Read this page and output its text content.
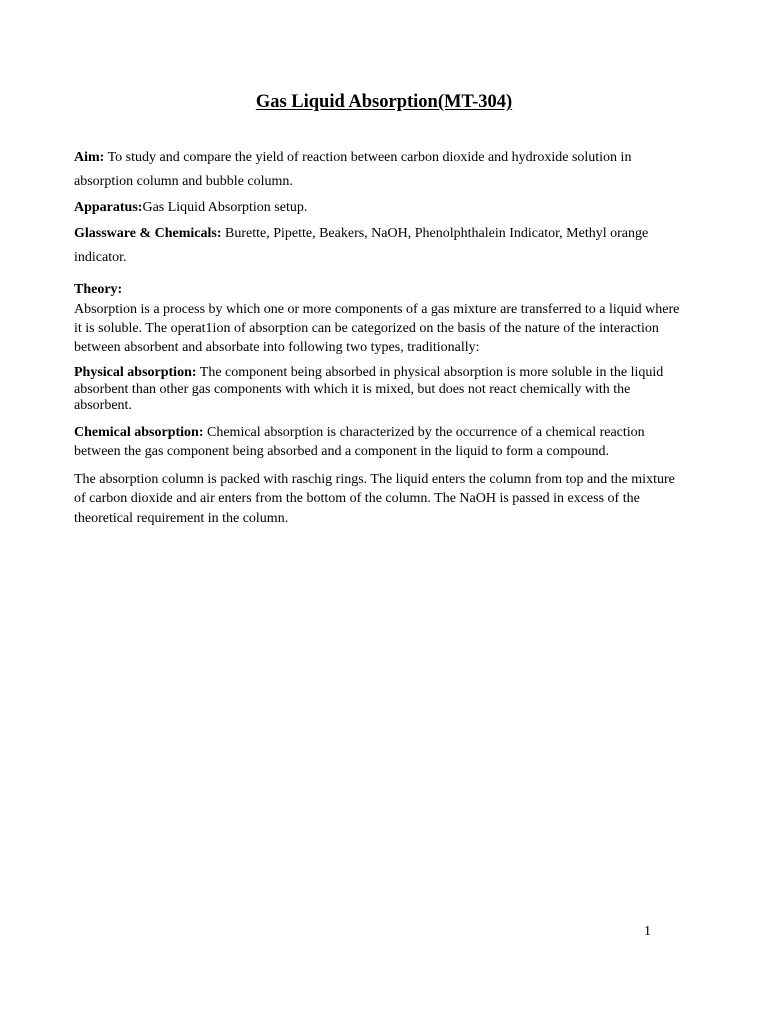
Gas Liquid Absorption(MT-304)

Aim: To study and compare the yield of reaction between carbon dioxide and hydroxide solution in absorption column and bubble column.

Apparatus:Gas Liquid Absorption setup.

Glassware & Chemicals: Burette, Pipette, Beakers, NaOH, Phenolphthalein Indicator, Methyl orange indicator.

Theory:

Absorption is a process by which one or more components of a gas mixture are transferred to a liquid where it is soluble. The operat1ion of absorption can be categorized on the basis of the nature of the interaction between absorbent and absorbate into following two types, traditionally:

Physical absorption: The component being absorbed in physical absorption is more soluble in the liquid absorbent than other gas components with which it is mixed, but does not react chemically with the absorbent.

Chemical absorption: Chemical absorption is characterized by the occurrence of a chemical reaction between the gas component being absorbed and a component in the liquid to form a compound.

The absorption column is packed with raschig rings. The liquid enters the column from top and the mixture of carbon dioxide and air enters from the bottom of the column. The NaOH is passed in excess of the theoretical requirement in the column.

1
